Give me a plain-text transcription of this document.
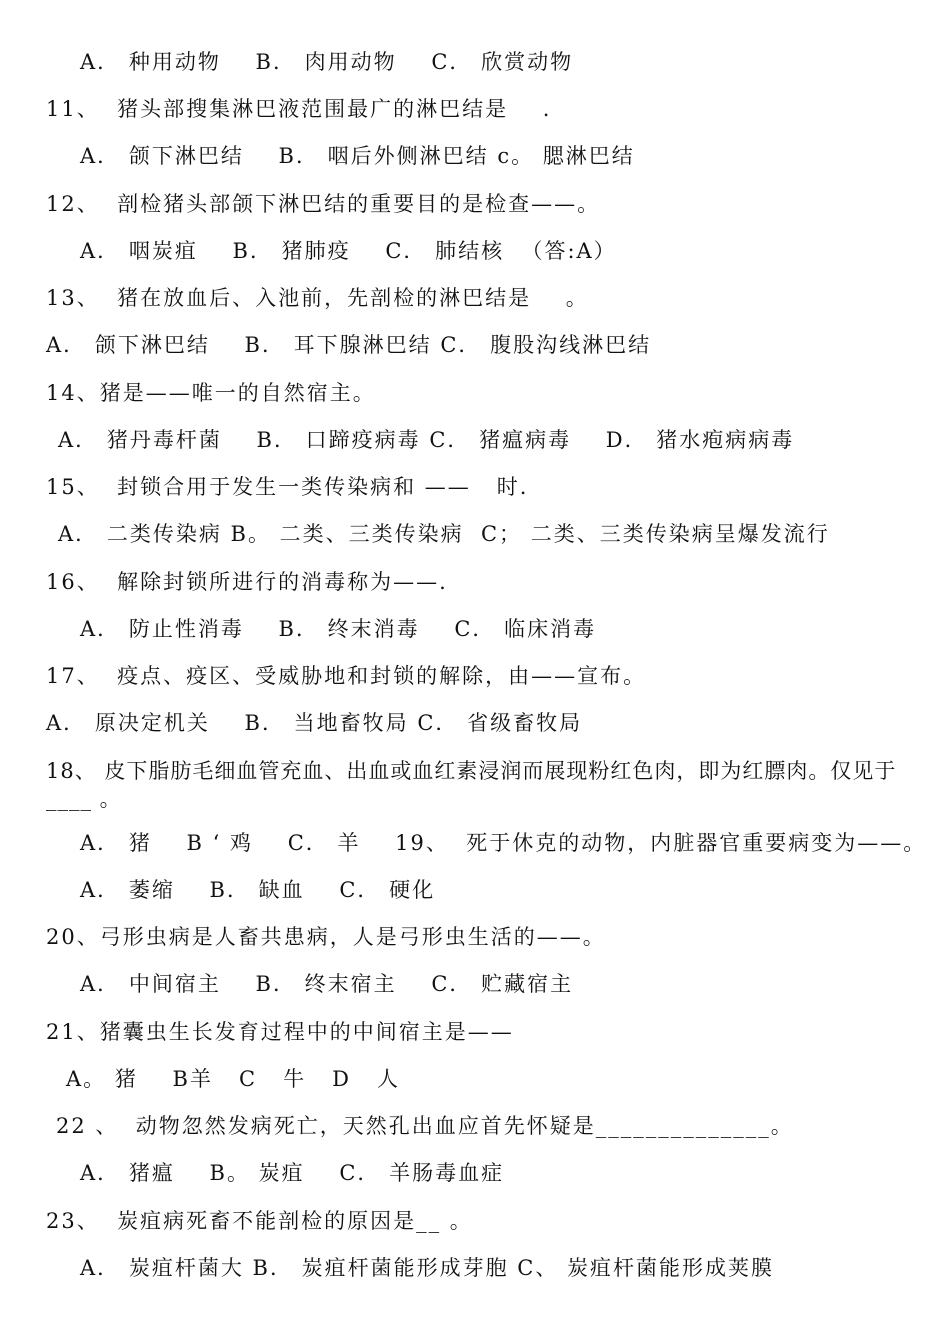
A． 种用动物    B． 肉用动物    C． 欣赏动物
11、  猪头部搜集淋巴液范围最广的淋巴结是    .
A． 颌下淋巴结    B． 咽后外侧淋巴结 c。 腮淋巴结
12、  剖检猪头部颌下淋巴结的重要目的是检查——。
A． 咽炭疽    B． 猪肺疫    C． 肺结核  （答:A）
13、  猪在放血后、入池前，先剖检的淋巴结是    。
A． 颌下淋巴结    B． 耳下腺淋巴结 C． 腹股沟线淋巴结
14、猪是——唯一的自然宿主。
A． 猪丹毒杆菌    B． 口蹄疫病毒 C． 猪瘟病毒    D． 猪水疱病病毒
15、  封锁合用于发生一类传染病和 ——   时.
A． 二类传染病 B。 二类、三类传染病  C； 二类、三类传染病呈爆发流行
16、  解除封锁所进行的消毒称为——.
A． 防止性消毒    B． 终末消毒    C． 临床消毒
17、  疫点、疫区、受威胁地和封锁的解除，由——宣布。
A． 原决定机关    B． 当地畜牧局 C． 省级畜牧局
18、 皮下脂肪毛细血管充血、出血或血红素浸润而展现粉红色肉，即为红膘肉。仅见于____ 。
A． 猪    B ‘ 鸡    C． 羊    19、  死于休克的动物，内脏器官重要病变为——。
A． 萎缩    B． 缺血    C． 硬化
20、弓形虫病是人畜共患病，人是弓形虫生活的——。
A． 中间宿主    B． 终末宿主    C． 贮藏宿主
21、猪囊虫生长发育过程中的中间宿主是——
A。 猪    B羊   C   牛   D   人
22 、  动物忽然发病死亡，天然孔出血应首先怀疑是______________。
A． 猪瘟    B。 炭疽    C． 羊肠毒血症
23、  炭疽病死畜不能剖检的原因是__ 。
A． 炭疽杆菌大 B． 炭疽杆菌能形成芽胞 C、 炭疽杆菌能形成荚膜
